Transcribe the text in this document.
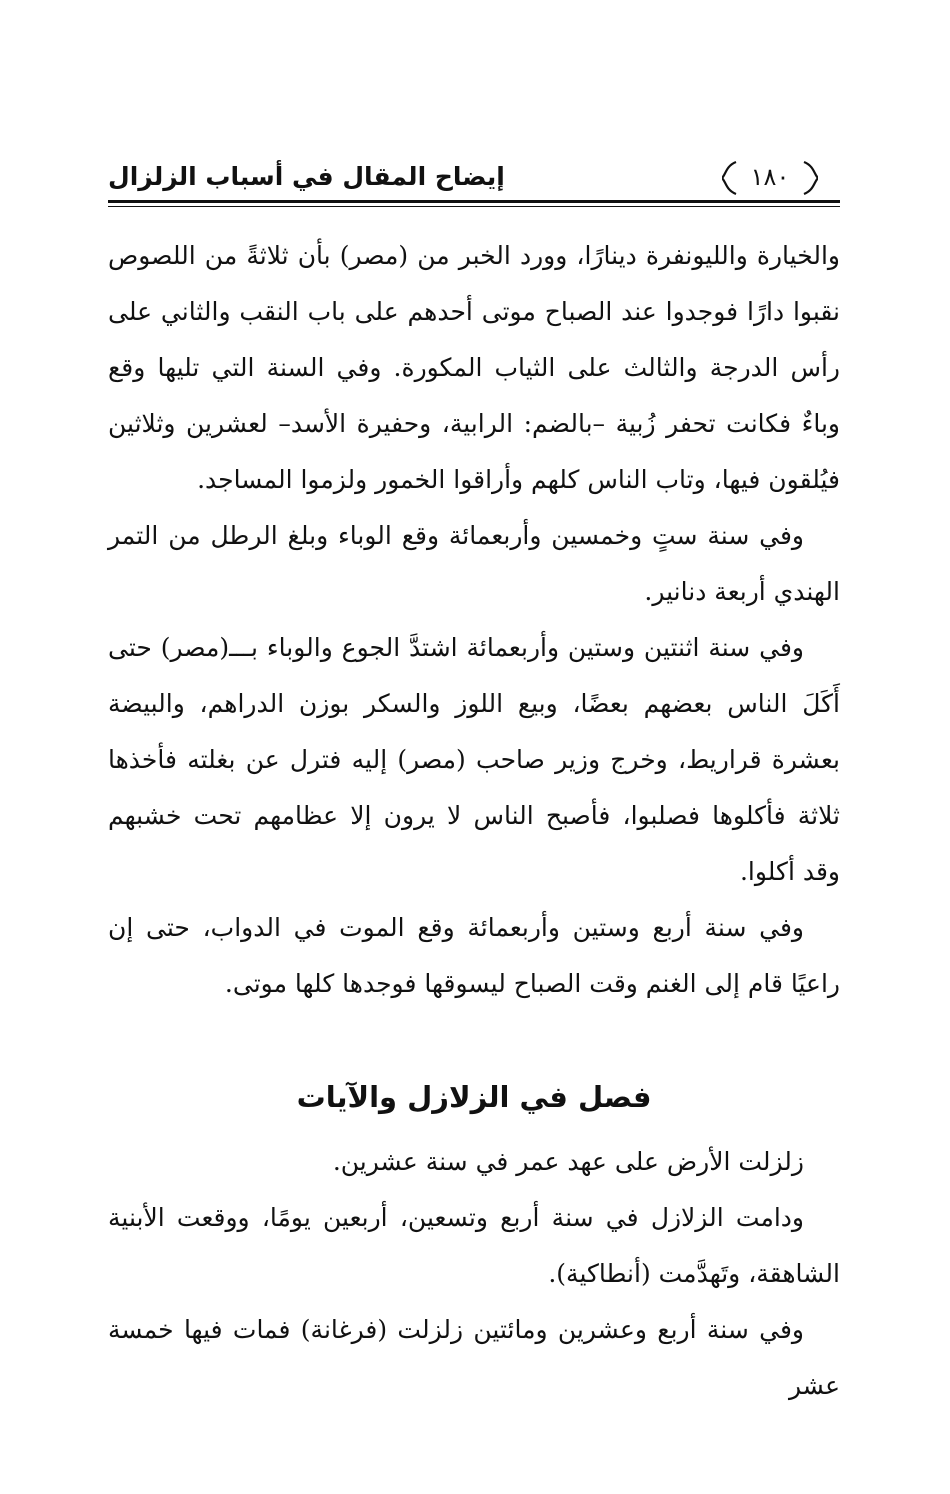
إيضاح المقال في أسباب الزلزال	١٨٠

والخيارة والليونفرة دينارًا، وورد الخبر من (مصر) بأن ثلاثةً من اللصوص نقبوا دارًا فوجدوا عند الصباح موتى أحدهم على باب النقب والثاني على رأس الدرجة والثالث على الثياب المكورة. وفي السنة التي تليها وقع وباءٌ فكانت تحفر زُبية –بالضم: الرابية، وحفيرة الأسد– لعشرين وثلاثين فيُلقون فيها، وتاب الناس كلهم وأراقوا الخمور ولزموا المساجد.

وفي سنة ستٍ وخمسين وأربعمائة وقع الوباء وبلغ الرطل من التمر الهندي أربعة دنانير.

وفي سنة اثنتين وستين وأربعمائة اشتدَّ الجوع والوباء بـــ(مصر) حتى أَكَلَ الناس بعضهم بعضًا، وبيع اللوز والسكر بوزن الدراهم، والبيضة بعشرة قراريط، وخرج وزير صاحب (مصر) إليه فترل عن بغلته فأخذها ثلاثة فأكلوها فصلبوا، فأصبح الناس لا يرون إلا عظامهم تحت خشبهم وقد أكلوا.

وفي سنة أربع وستين وأربعمائة وقع الموت في الدواب، حتى إن راعيًا قام إلى الغنم وقت الصباح ليسوقها فوجدها كلها موتى.

فصل في الزلازل والآيات

زلزلت الأرض على عهد عمر في سنة عشرين.

ودامت الزلازل في سنة أربع وتسعين، أربعين يومًا، ووقعت الأبنية الشاهقة، وتَهدَّمت (أنطاكية).

وفي سنة أربع وعشرين ومائتين زلزلت (فرغانة) فمات فيها خمسة عشر
